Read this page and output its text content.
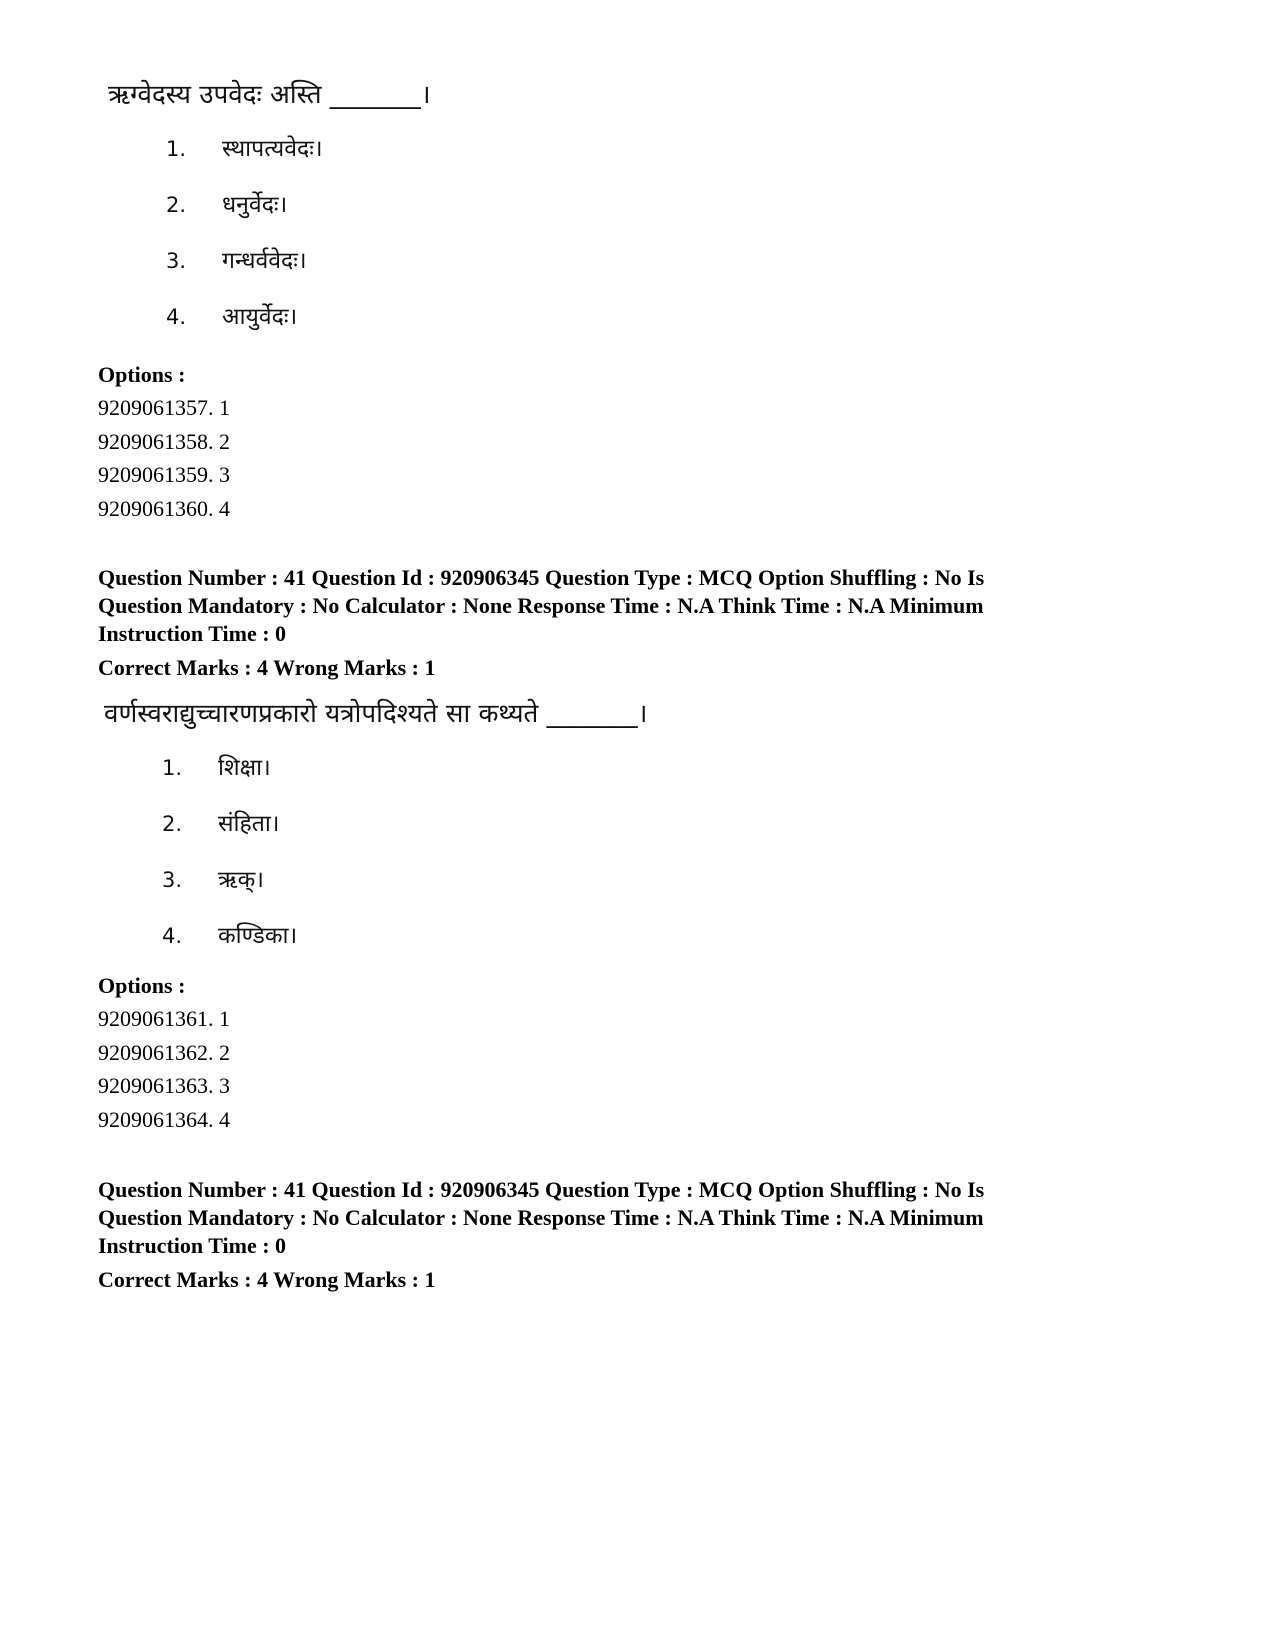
ऋग्वेदस्य उपवेदः अस्ति _______।
1. स्थापत्यवेदः।
2. धनुर्वेदः।
3. गन्धर्ववेदः।
4. आयुर्वेदः।
Options :
9209061357. 1
9209061358. 2
9209061359. 3
9209061360. 4
Question Number : 41 Question Id : 920906345 Question Type : MCQ Option Shuffling : No Is
Question Mandatory : No Calculator : None Response Time : N.A Think Time : N.A Minimum
Instruction Time : 0
Correct Marks : 4 Wrong Marks : 1
वर्णस्वराद्युच्चारणप्रकारो यत्रोपदिश्यते सा कथ्यते _______।
1. शिक्षा।
2. संहिता।
3. ऋक्।
4. कण्डिका।
Options :
9209061361. 1
9209061362. 2
9209061363. 3
9209061364. 4
Question Number : 41 Question Id : 920906345 Question Type : MCQ Option Shuffling : No Is
Question Mandatory : No Calculator : None Response Time : N.A Think Time : N.A Minimum
Instruction Time : 0
Correct Marks : 4 Wrong Marks : 1
